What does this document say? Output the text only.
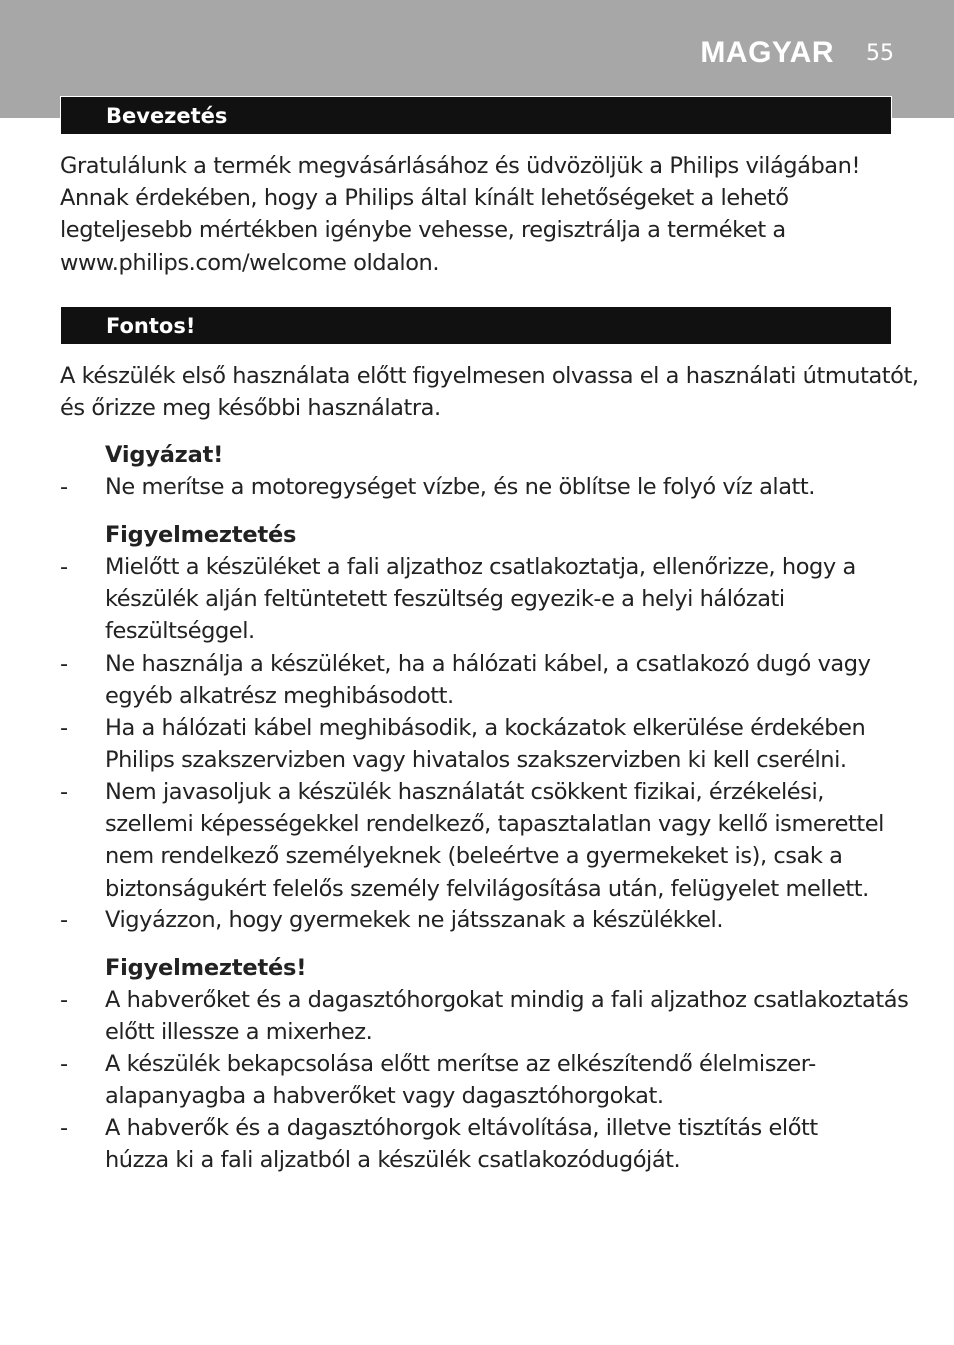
MAGYAR 55
Bevezetés
Gratulálunk a termék megvásárlásához és üdvözöljük a Philips világában!
Annak érdekében, hogy a Philips által kínált lehetőségeket a lehető
legteljesebb mértékben igénybe vehesse, regisztrálja a terméket a
www.philips.com/welcome oldalon.
Fontos!
A készülék első használata előtt figyelmesen olvassa el a használati útmutatót,
és őrizze meg későbbi használatra.

Vigyázat!

- Ne merítse a motoregységet vízbe, és ne öblítse le folyó víz alatt.

Figyelmeztetés

- Mielőtt a készüléket a fali aljzathoz csatlakoztatja, ellenőrizze, hogy a
készülék alján feltüntetett feszültség egyezik-e a helyi hálózati
feszültséggel.
- Ne használja a készüléket, ha a hálózati kábel, a csatlakozó dugó vagy
egyéb alkatrész meghibásodott.
- Ha a hálózati kábel meghibásodik, a kockázatok elkerülése érdekében
Philips szakszervizben vagy hivatalos szakszervizben ki kell cserélni.
- Nem javasoljuk a készülék használatát csökkent fizikai, érzékelési,
szellemi képességekkel rendelkező, tapasztalatlan vagy kellő ismerettel
nem rendelkező személyeknek (beleértve a gyermekeket is), csak a
biztonságukért felelős személy felvilágosítása után, felügyelet mellett.
- Vigyázzon, hogy gyermekek ne játsszanak a készülékkel.

Figyelmeztetés!

- A habverőket és a dagasztóhorgokat mindig a fali aljzathoz csatlakoztatás
előtt illessze a mixerhez.
- A készülék bekapcsolása előtt merítse az elkészítendő élelmiszer-
alapanyagba a habverőket vagy dagasztóhorgokat.
- A habverők és a dagasztóhorgok eltávolítása, illetve tisztítás előtt
húzza ki a fali aljzatból a készülék csatlakozódugóját.
